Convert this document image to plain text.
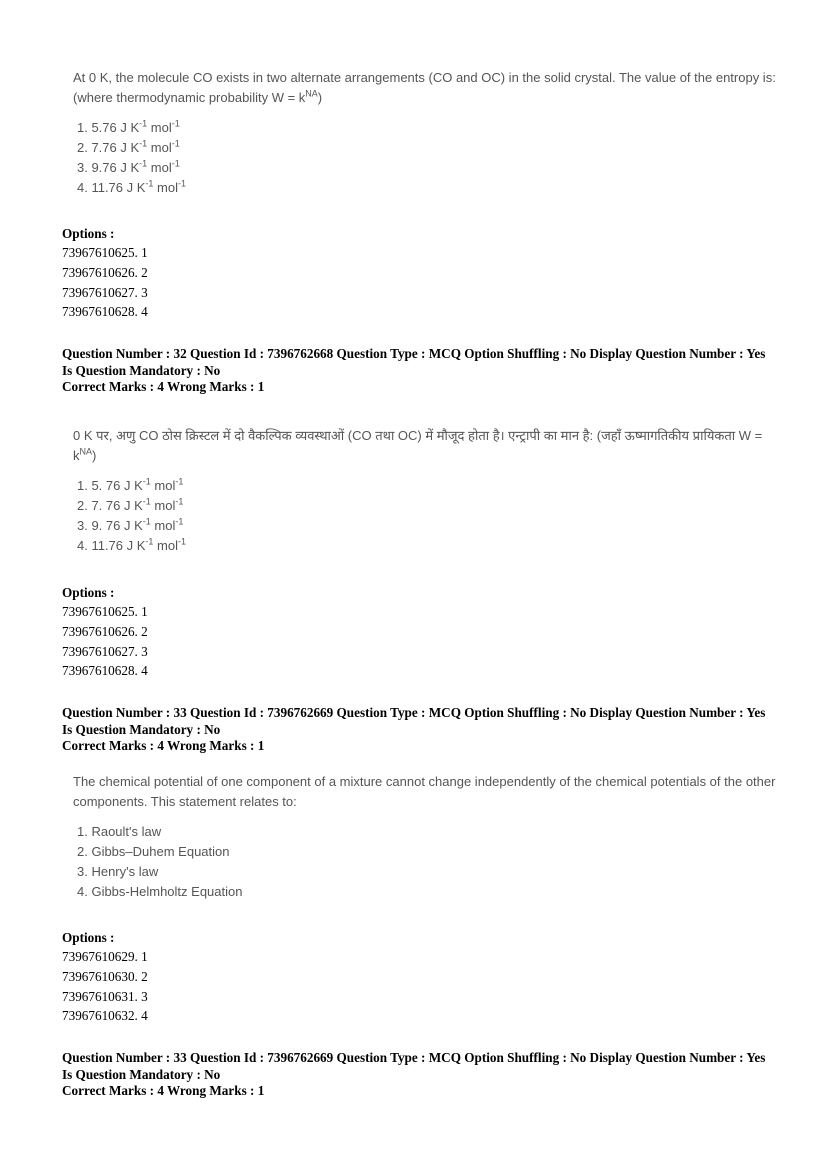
At 0 K, the molecule CO exists in two alternate arrangements (CO and OC) in the solid crystal. The value of the entropy is:(where thermodynamic probability $W = k^{NA}$)

1. 5.76 J $K^{-1}$ mol$^{-1}$
2. 7.76 J $K^{-1}$ mol$^{-1}$
3. 9.76 J $K^{-1}$ mol$^{-1}$
4. 11.76 J $K^{-1}$ mol$^{-1}$
Options :
73967610625. 1
73967610626. 2
73967610627. 3
73967610628. 4
Question Number : 32 Question Id : 7396762668 Question Type : MCQ Option Shuffling : No Display Question Number : Yes
Is Question Mandatory : No
Correct Marks : 4 Wrong Marks : 1

0 K पर, अणु CO ठोस क्रिस्टल में दो वैकल्पिक व्यवस्थाओं (CO तथा OC) में मौजूद होता है। एन्ट्रापी का मान है: (जहाँ ऊष्मागतिकीय प्रायिकता $W = k^{NA}$)

1. 5. 76 J $K^{-1}$ mol$^{-1}$
2. 7. 76 J $K^{-1}$ mol$^{-1}$
3. 9. 76 J $K^{-1}$ mol$^{-1}$
4. 11.76 J $K^{-1}$ mol$^{-1}$
Options :
73967610625. 1
73967610626. 2
73967610627. 3
73967610628. 4
Question Number : 33 Question Id : 7396762669 Question Type : MCQ Option Shuffling : No Display Question Number : Yes
Is Question Mandatory : No
Correct Marks : 4 Wrong Marks : 1

The chemical potential of one component of a mixture cannot change independently of the chemical potentials of the other components. This statement relates to:

1. Raoult's law
2. Gibbs–Duhem Equation
3. Henry's law
4. Gibbs-Helmholtz Equation
Options :
73967610629. 1
73967610630. 2
73967610631. 3
73967610632. 4
Question Number : 33 Question Id : 7396762669 Question Type : MCQ Option Shuffling : No Display Question Number : Yes
Is Question Mandatory : No
Correct Marks : 4 Wrong Marks : 1
